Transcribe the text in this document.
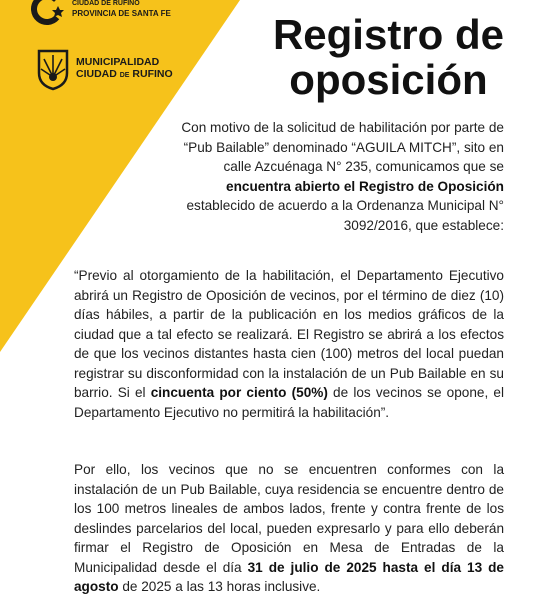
CIUDAD DE RUFINO
PROVINCIA DE SANTA FE
MUNICIPALIDAD
CIUDAD DE RUFINO
Registro de
oposición
Con motivo de la solicitud de habilitación por parte de “Pub Bailable” denominado “AGUILA MITCH”, sito en calle Azcuénaga N° 235, comunicamos que se encuentra abierto el Registro de Oposición establecido de acuerdo a la Ordenanza Municipal N° 3092/2016, que establece:

“Previo al otorgamiento de la habilitación, el Departamento Ejecutivo abrirá un Registro de Oposición de vecinos, por el término de diez (10) días hábiles, a partir de la publicación en los medios gráficos de la ciudad que a tal efecto se realizará. El Registro se abrirá a los efectos de que los vecinos distantes hasta cien (100) metros del local puedan registrar su disconformidad con la instalación de un Pub Bailable en su barrio. Si el cincuenta por ciento (50%) de los vecinos se opone, el Departamento Ejecutivo no permitirá la habilitación”.

Por ello, los vecinos que no se encuentren conformes con la instalación de un Pub Bailable, cuya residencia se encuentre dentro de los 100 metros lineales de ambos lados, frente y contra frente de los deslindes parcelarios del local, pueden expresarlo y para ello deberán firmar el Registro de Oposición en Mesa de Entradas de la Municipalidad desde el día 31 de julio de 2025 hasta el día 13 de agosto de 2025 a las 13 horas inclusive.
